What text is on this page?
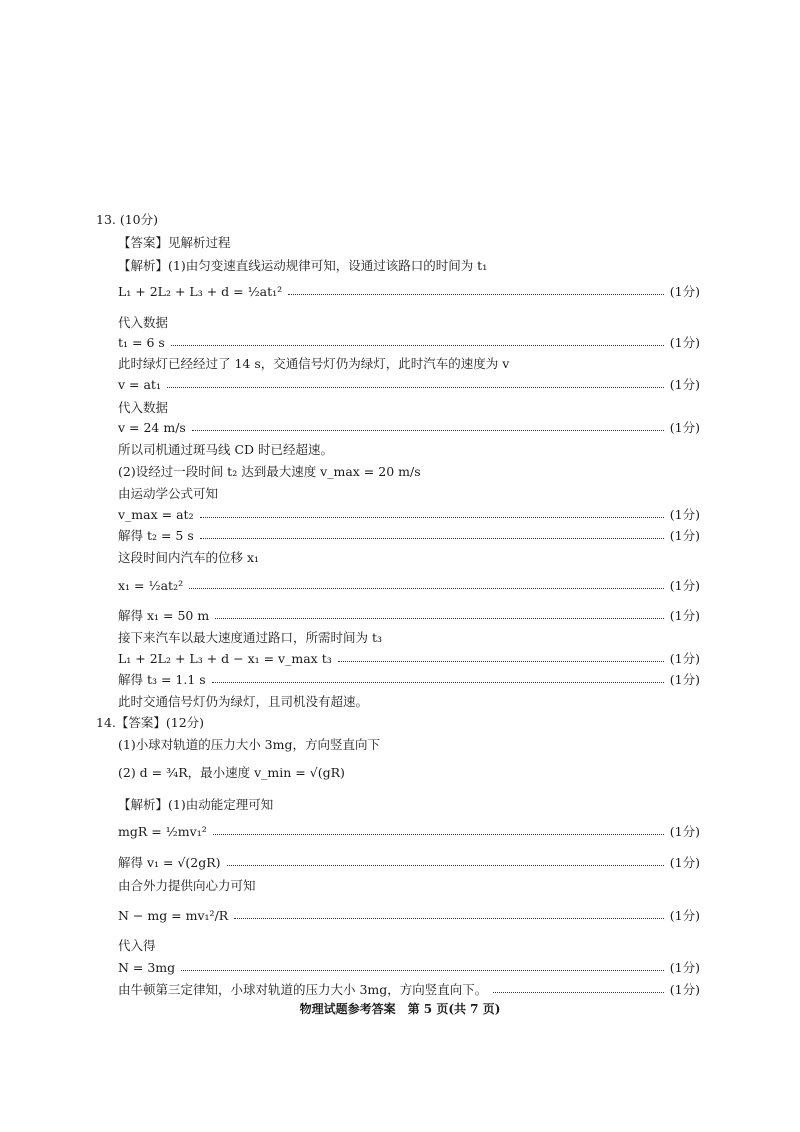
13. (10分)
【答案】见解析过程
【解析】(1)由匀变速直线运动规律可知，设通过该路口的时间为 t₁
L₁ + 2L₂ + L₃ + d = ½at₁²	(1分)
代入数据
t₁ = 6 s	(1分)
此时绿灯已经经过了 14 s，交通信号灯仍为绿灯，此时汽车的速度为 v
v = at₁	(1分)
代入数据
v = 24 m/s	(1分)
所以司机通过斑马线 CD 时已经超速。
(2)设经过一段时间 t₂ 达到最大速度 v_max = 20 m/s
由运动学公式可知
v_max = at₂	(1分)
解得 t₂ = 5 s	(1分)
这段时间内汽车的位移 x₁
x₁ = ½at₂²	(1分)
解得 x₁ = 50 m	(1分)
接下来汽车以最大速度通过路口，所需时间为 t₃
L₁ + 2L₂ + L₃ + d − x₁ = v_max t₃	(1分)
解得 t₃ = 1.1 s	(1分)
此时交通信号灯仍为绿灯，且司机没有超速。
14.【答案】(12分)
(1)小球对轨道的压力大小 3mg，方向竖直向下
(2) d = ¾R，最小速度 v_min = √(gR)
【解析】(1)由动能定理可知
mgR = ½mv₁²	(1分)
解得 v₁ = √(2gR)	(1分)
由合外力提供向心力可知
N − mg = mv₁²/R	(1分)
代入得
N = 3mg	(1分)
由牛顿第三定律知，小球对轨道的压力大小 3mg，方向竖直向下。	(1分)
物理试题参考答案　第 5 页(共 7 页)
